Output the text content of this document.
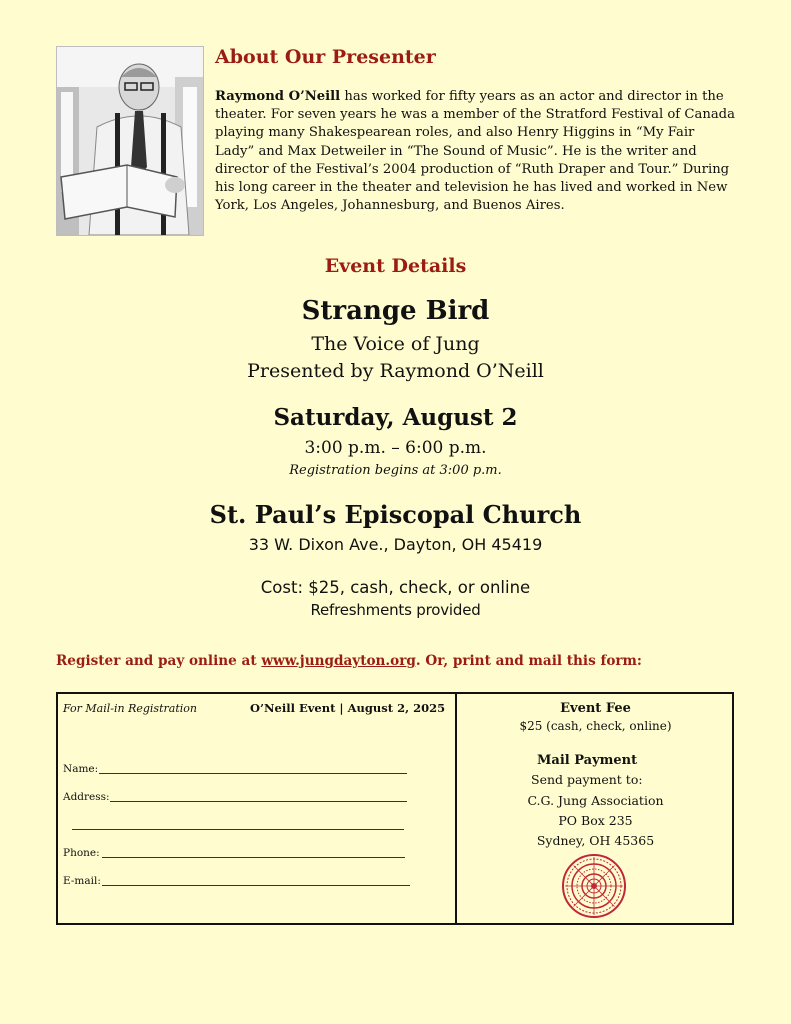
About Our Presenter

Raymond O’Neill has worked for fifty years as an actor and director in the theater. For seven years he was a member of the Stratford Festival of Canada playing many Shakespearean roles, and also Henry Higgins in “My Fair Lady” and Max Detweiler in “The Sound of Music”. He is the writer and director of the Festival’s 2004 production of “Ruth Draper and Tour.” During his long career in the theater and television he has lived and worked in New York, Los Angeles, Johannesburg, and Buenos Aires.

Event Details
Strange Bird

The Voice of Jung

Presented by Raymond O’Neill

Saturday, August 2

3:00 p.m. – 6:00 p.m.

Registration begins at 3:00 p.m.

St. Paul’s Episcopal Church

33 W. Dixon Ave., Dayton, OH 45419

Cost: $25, cash, check, or online

Refreshments provided

Register and pay online at www.jungdayton.org. Or, print and mail this form:

For Mail-in Registration	O’Neill Event | August 2, 2025

Name:

Address:

Phone:

E-mail:

Event Fee

$25 (cash, check, online)

Mail Payment

Send payment to:

C.G. Jung Association

PO Box 235

Sydney, OH 45365
